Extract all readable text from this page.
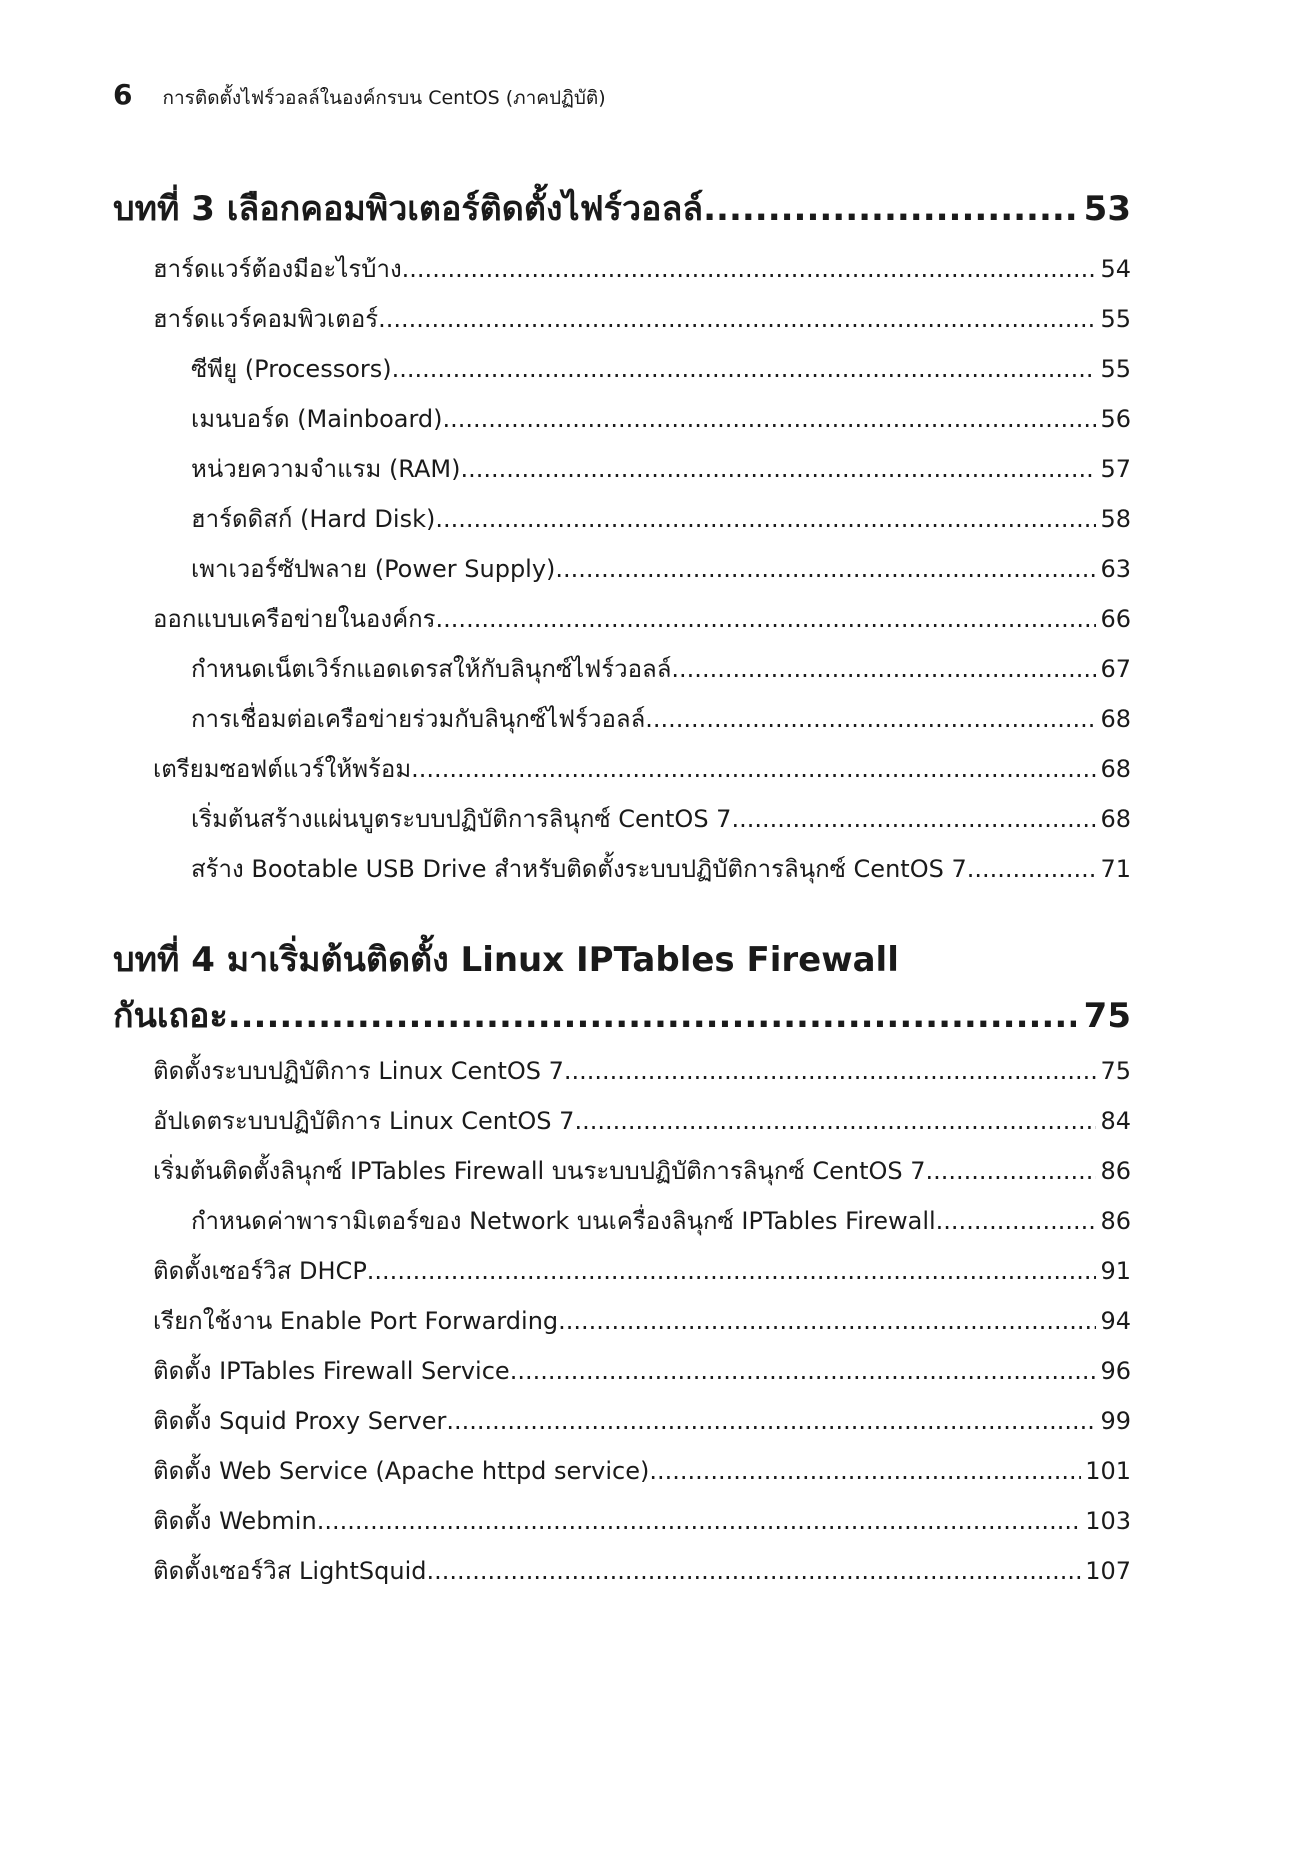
6 การติดตั้งไฟร์วอลล์ในองค์กรบน CentOS (ภาคปฏิบัติ)
บทที่ 3 เลือกคอมพิวเตอร์ติดตั้งไฟร์วอลล์ .....	53
ฮาร์ดแวร์ต้องมีอะไรบ้าง .....	54
ฮาร์ดแวร์คอมพิวเตอร์ .....	55
ซีพียู (Processors) .....	55
เมนบอร์ด (Mainboard) .....	56
หน่วยความจำแรม (RAM) .....	57
ฮาร์ดดิสก์ (Hard Disk) .....	58
เพาเวอร์ซัปพลาย (Power Supply) .....	63
ออกแบบเครือข่ายในองค์กร .....	66
กำหนดเน็ตเวิร์กแอดเดรสให้กับลินุกซ์ไฟร์วอลล์ .....	67
การเชื่อมต่อเครือข่ายร่วมกับลินุกซ์ไฟร์วอลล์ .....	68
เตรียมซอฟต์แวร์ให้พร้อม .....	68
เริ่มต้นสร้างแผ่นบูตระบบปฏิบัติการลินุกซ์ CentOS 7 .....	68
สร้าง Bootable USB Drive สำหรับติดตั้งระบบปฏิบัติการลินุกซ์ CentOS 7 .....	71
บทที่ 4 มาเริ่มต้นติดตั้ง Linux IPTables Firewall
กันเถอะ .....	75
ติดตั้งระบบปฏิบัติการ Linux CentOS 7 .....	75
อัปเดตระบบปฏิบัติการ Linux CentOS 7 .....	84
เริ่มต้นติดตั้งลินุกซ์ IPTables Firewall บนระบบปฏิบัติการลินุกซ์ CentOS 7 .....	86
กำหนดค่าพารามิเตอร์ของ Network บนเครื่องลินุกซ์ IPTables Firewall .....	86
ติดตั้งเซอร์วิส DHCP .....	91
เรียกใช้งาน Enable Port Forwarding .....	94
ติดตั้ง IPTables Firewall Service .....	96
ติดตั้ง Squid Proxy Server .....	99
ติดตั้ง Web Service (Apache httpd service) .....	101
ติดตั้ง Webmin .....	103
ติดตั้งเซอร์วิส LightSquid .....	107
